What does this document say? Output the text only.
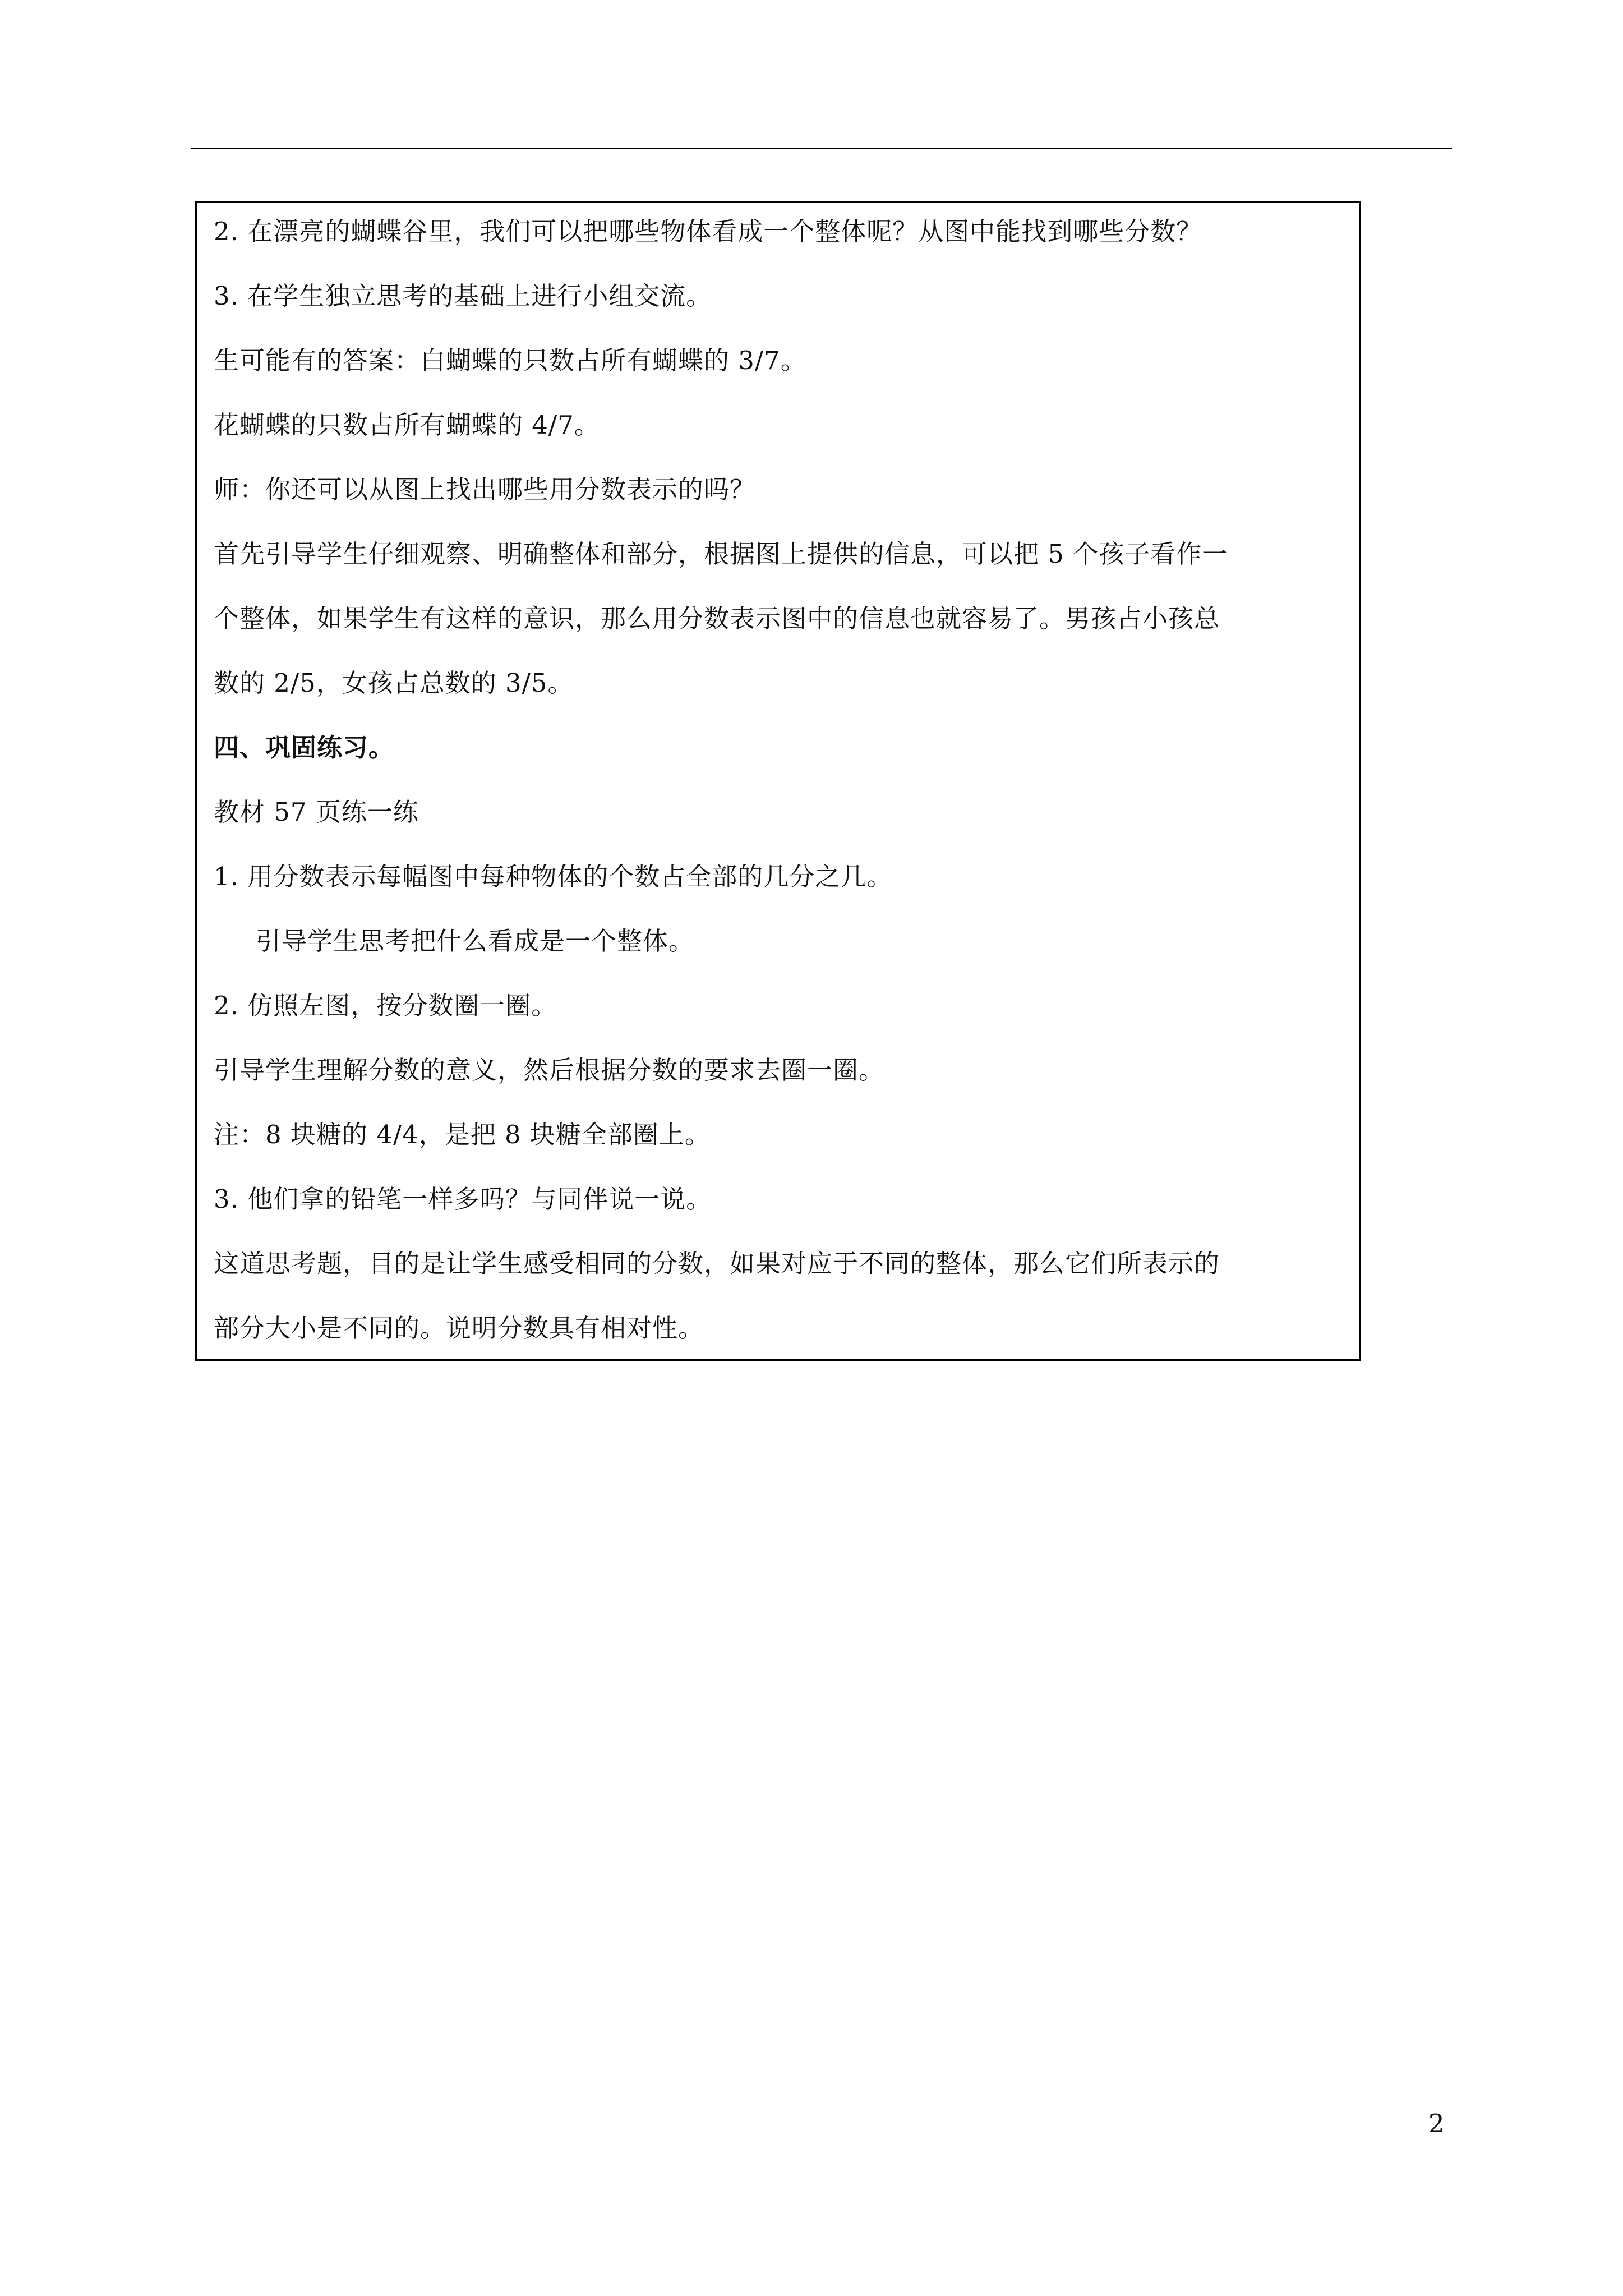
2. 在漂亮的蝴蝶谷里，我们可以把哪些物体看成一个整体呢？从图中能找到哪些分数？
3. 在学生独立思考的基础上进行小组交流。
生可能有的答案：白蝴蝶的只数占所有蝴蝶的 3/7。
花蝴蝶的只数占所有蝴蝶的 4/7。
师：你还可以从图上找出哪些用分数表示的吗？
首先引导学生仔细观察、明确整体和部分，根据图上提供的信息，可以把 5 个孩子看作一
个整体，如果学生有这样的意识，那么用分数表示图中的信息也就容易了。男孩占小孩总
数的 2/5，女孩占总数的 3/5。
四、巩固练习。
教材 57 页练一练
1. 用分数表示每幅图中每种物体的个数占全部的几分之几。
引导学生思考把什么看成是一个整体。
2. 仿照左图，按分数圈一圈。
引导学生理解分数的意义，然后根据分数的要求去圈一圈。
注：8 块糖的 4/4，是把 8 块糖全部圈上。
3. 他们拿的铅笔一样多吗？与同伴说一说。
这道思考题，目的是让学生感受相同的分数，如果对应于不同的整体，那么它们所表示的
部分大小是不同的。说明分数具有相对性。
2
